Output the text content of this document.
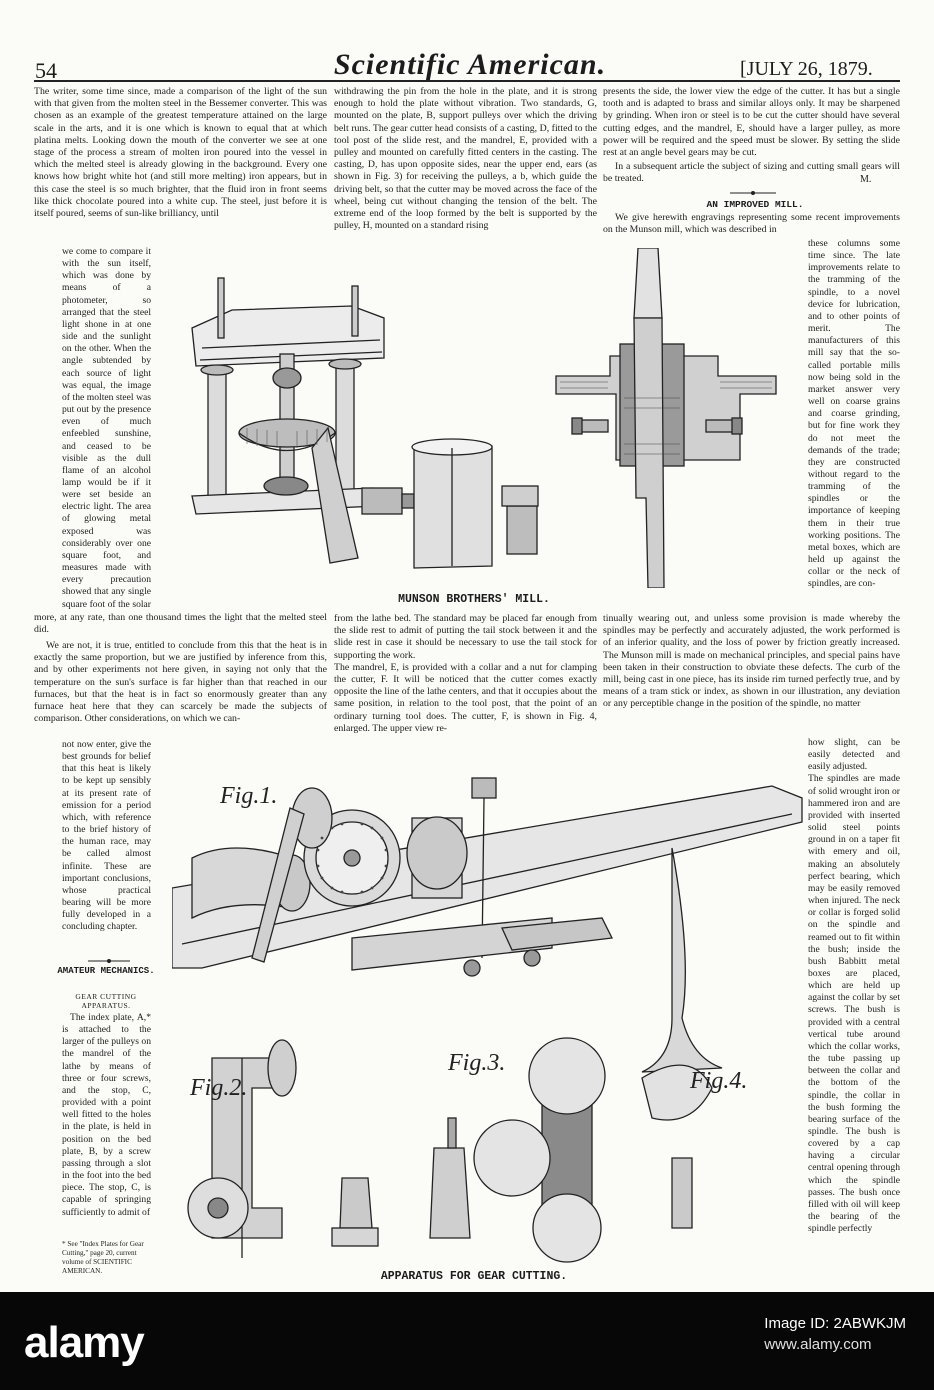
54	Scientific American.	[JULY 26, 1879.

The writer, some time since, made a comparison of the light of the sun with that given from the molten steel in the Bessemer converter. This was chosen as an example of the greatest temperature attained on the large scale in the arts, and it is one which is known to equal that at which platina melts. Looking down the mouth of the converter we see at one stage of the process a stream of molten iron poured into the vessel in which the melted steel is already glowing in the background. Every one knows how bright white hot (and still more melting) iron appears, but in this case the steel is so much brighter, that the fluid iron in front seems like thick chocolate poured into a white cup. The steel, just before it is itself poured, seems of sun-like brilliancy, until

we come to compare it with the sun itself, which was done by means of a photometer, so arranged that the steel light shone in at one side and the sunlight on the other. When the angle subtended by each source of light was equal, the image of the molten steel was put out by the presence even of much enfeebled sunshine, and ceased to be visible as the dull flame of an alcohol lamp would be if it were set beside an electric light. The area of glowing metal exposed was considerably over one square foot, and measures made with every precaution showed that any single square foot of the solar

more, at any rate, than one thousand times the light that the melted steel did.

We are not, it is true, entitled to conclude from this that the heat is in exactly the same proportion, but we are justified by inference from this, and by other experiments not here given, in saying not only that the temperature on the sun's surface is far higher than that reached in our furnaces, but that the heat is in fact so enormously greater than any furnace heat here that they can scarcely be made the subjects of comparison. Other considerations, on which we can-

not now enter, give the best grounds for belief that this heat is likely to be kept up sensibly at its present rate of emission for a period which, with reference to the brief history of the human race, may be called almost infinite. These are important conclusions, whose practical bearing will be more fully developed in a concluding chapter.

AMATEUR MECHANICS.
GEAR CUTTING APPARATUS.

The index plate, A,* is attached to the larger of the pulleys on the mandrel of the lathe by means of three or four screws, and the stop, C, provided with a point well fitted to the holes in the plate, is held in position on the bed plate, B, by a screw passing through a slot in the foot into the bed piece. The stop, C, is capable of springing sufficiently to admit of

* See "Index Plates for Gear Cutting," page 20, current volume of SCIENTIFIC AMERICAN.

withdrawing the pin from the hole in the plate, and it is strong enough to hold the plate without vibration. Two standards, G, mounted on the plate, B, support pulleys over which the driving belt runs. The gear cutter head consists of a casting, D, fitted to the tool post of the slide rest, and the mandrel, E, provided with a pulley and mounted on carefully fitted centers in the casting. The casting, D, has upon opposite sides, near the upper end, ears (as shown in Fig. 3) for receiving the pulleys, a b, which guide the driving belt, so that the cutter may be moved across the face of the wheel, being cut without changing the tension of the belt. The extreme end of the loop formed by the belt is supported by the pulley, H, mounted on a standard rising

from the lathe bed. The standard may be placed far enough from the slide rest to admit of putting the tail stock between it and the slide rest in case it should be necessary to use the tail stock for supporting the work.
The mandrel, E, is provided with a collar and a nut for clamping the cutter, F. It will be noticed that the cutter comes exactly opposite the line of the lathe centers, and that it occupies about the same position, in relation to the tool post, that the point of an ordinary turning tool does. The cutter, F, is shown in Fig. 4, enlarged. The upper view re-

presents the side, the lower view the edge of the cutter. It has but a single tooth and is adapted to brass and similar alloys only. It may be sharpened by grinding. When iron or steel is to be cut the cutter should have several cutting edges, and the mandrel, E, should have a larger pulley, as more power will be required and the speed must be slower. By setting the slide rest at an angle bevel gears may be cut.

In a subsequent article the subject of sizing and cutting small gears will be treated.	M.
AN IMPROVED MILL.

We give herewith engravings representing some recent improvements on the Munson mill, which was described in

these columns some time since. The late improvements relate to the tramming of the spindle, to a novel device for lubrication, and to other points of merit. The manufacturers of this mill say that the so-called portable mills now being sold in the market answer very well on coarse grains and coarse grinding, but for fine work they do not meet the demands of the trade; they are constructed without regard to the tramming of the spindles or the importance of keeping them in their true working positions. The metal boxes, which are held up against the collar or the neck of spindles, are con-

tinually wearing out, and unless some provision is made whereby the spindles may be perfectly and accurately adjusted, the work performed is of an inferior quality, and the loss of power by friction greatly increased. The Munson mill is made on mechanical principles, and special pains have been taken in their construction to obviate these defects. The curb of the mill, being cast in one piece, has its inside rim turned perfectly true, and by means of a tram stick or index, as shown in our illustration, any deviation or any perceptible change in the position of the spindle, no matter

how slight, can be easily detected and easily adjusted.
The spindles are made of solid wrought iron or hammered iron and are provided with inserted solid steel points ground in on a taper fit with emery and oil, making an absolutely perfect bearing, which may be easily removed when injured. The neck or collar is forged solid on the spindle and reamed out to fit within the bush; inside the bush Babbitt metal boxes are placed, which are held up against the collar by set screws. The bush is provided with a central vertical tube around which the collar works, the tube passing up between the collar and the bottom of the spindle, the collar in the bush forming the bearing surface of the spindle. The bush is covered by a cap having a circular central opening through which the spindle passes. The bush once filled with oil will keep the bearing of the spindle perfectly

MUNSON BROTHERS' MILL.
Fig.1.
Fig.2.
Fig.3.
Fig.4.
APPARATUS FOR GEAR CUTTING.
alamy	Image ID: 2ABWKJM
www.alamy.com
